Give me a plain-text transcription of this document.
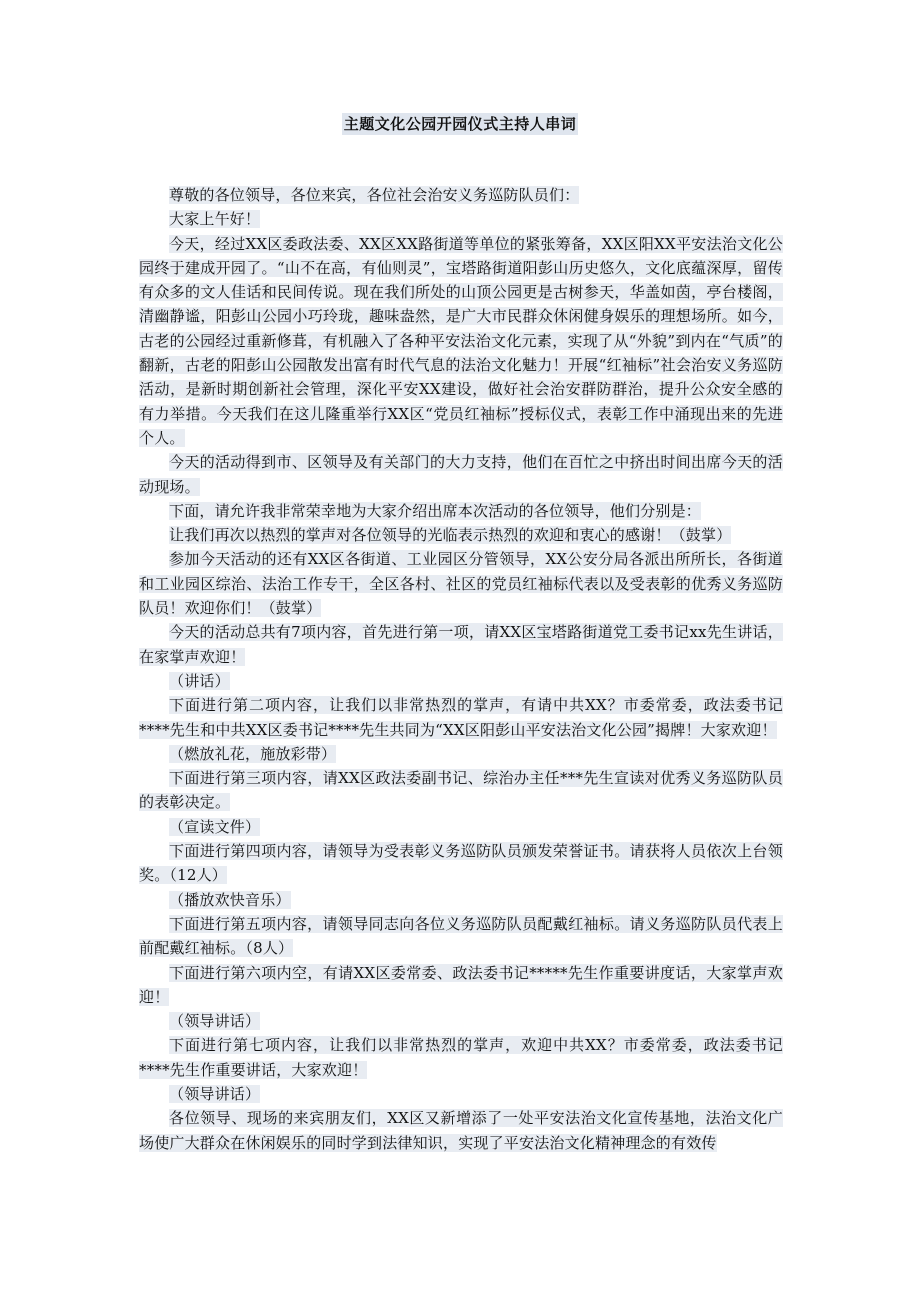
主题文化公园开园仪式主持人串词

尊敬的各位领导，各位来宾，各位社会治安义务巡防队员们：

大家上午好！

今天，经过XX区委政法委、XX区XX路街道等单位的紧张筹备，XX区阳XX平安法治文化公园终于建成开园了。“山不在高，有仙则灵”，宝塔路街道阳彭山历史悠久，文化底蕴深厚，留传有众多的文人佳话和民间传说。现在我们所处的山顶公园更是古树参天，华盖如茵，亭台楼阁，清幽静谧，阳彭山公园小巧玲珑，趣味盎然，是广大市民群众休闲健身娱乐的理想场所。如今，古老的公园经过重新修葺，有机融入了各种平安法治文化元素，实现了从“外貌”到内在“气质”的翻新，古老的阳彭山公园散发出富有时代气息的法治文化魅力！开展“红袖标”社会治安义务巡防活动，是新时期创新社会管理，深化平安XX建设，做好社会治安群防群治，提升公众安全感的有力举措。今天我们在这儿隆重举行XX区“党员红袖标”授标仪式，表彰工作中涌现出来的先进个人。

今天的活动得到市、区领导及有关部门的大力支持，他们在百忙之中挤出时间出席今天的活动现场。

下面，请允许我非常荣幸地为大家介绍出席本次活动的各位领导，他们分别是：

让我们再次以热烈的掌声对各位领导的光临表示热烈的欢迎和衷心的感谢！（鼓掌）

参加今天活动的还有XX区各街道、工业园区分管领导，XX公安分局各派出所所长，各街道和工业园区综治、法治工作专干，全区各村、社区的党员红袖标代表以及受表彰的优秀义务巡防队员！欢迎你们！（鼓掌）

今天的活动总共有7项内容，首先进行第一项，请XX区宝塔路街道党工委书记xx先生讲话，在家掌声欢迎！

（讲话）

下面进行第二项内容，让我们以非常热烈的掌声，有请中共XX？市委常委，政法委书记****先生和中共XX区委书记****先生共同为“XX区阳彭山平安法治文化公园”揭牌！大家欢迎！

（燃放礼花，施放彩带）

下面进行第三项内容，请XX区政法委副书记、综治办主任***先生宣读对优秀义务巡防队员的表彰决定。

（宣读文件）

下面进行第四项内容，请领导为受表彰义务巡防队员颁发荣誉证书。请获将人员依次上台领奖。（12人）

（播放欢快音乐）

下面进行第五项内容，请领导同志向各位义务巡防队员配戴红袖标。请义务巡防队员代表上前配戴红袖标。（8人）

下面进行第六项内空，有请XX区委常委、政法委书记*****先生作重要讲度话，大家掌声欢迎！

（领导讲话）

下面进行第七项内容，让我们以非常热烈的掌声，欢迎中共XX？市委常委，政法委书记****先生作重要讲话，大家欢迎！

（领导讲话）

各位领导、现场的来宾朋友们，XX区又新增添了一处平安法治文化宣传基地，法治文化广场使广大群众在休闲娱乐的同时学到法律知识，实现了平安法治文化精神理念的有效传
